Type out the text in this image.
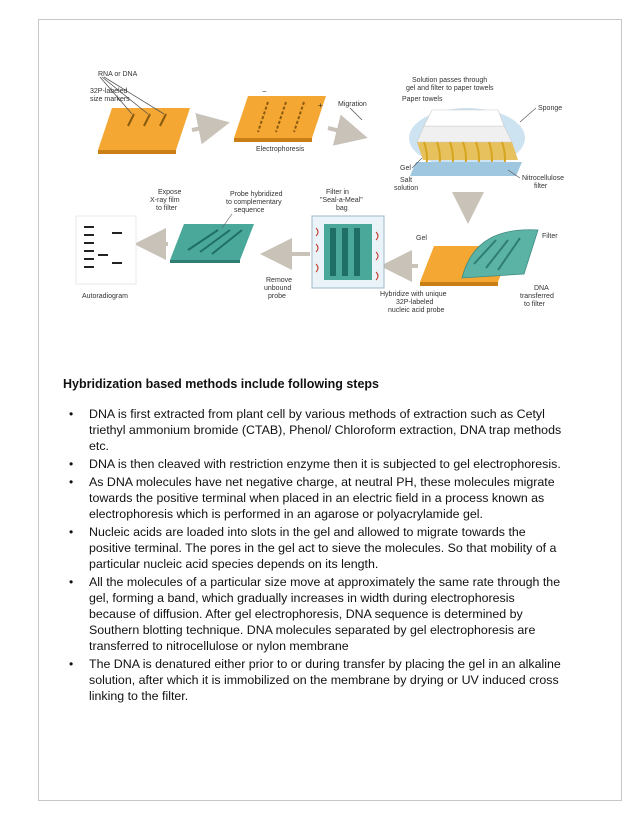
RNA or DNA
32P-labeled
size markers
−
+ Migration
Electrophoresis
Solution passes through
gel and filter to paper towels
Paper towels
Sponge
Gel
Salt
solution
Nitrocellulose
filter
Gel	Filter
DNA
transferred
to filter
Filter in
"Seal-a-Meal"
bag
Hybridize with unique
32P-labeled
nucleic acid probe
Remove
unbound
probe
Probe hybridized
to complementary
sequence
Expose
X-ray film
to filter
Autoradiogram

Hybridization based methods include following steps

• DNA is first extracted from plant cell by various methods of extraction such as Cetyl triethyl ammonium bromide (CTAB), Phenol/ Chloroform extraction, DNA trap methods etc.
• DNA is then cleaved with restriction enzyme then it is subjected to gel electrophoresis.
• As DNA molecules have net negative charge, at neutral PH, these molecules migrate towards the positive terminal when placed in an electric field in a process known as electrophoresis which is performed in an agarose or polyacrylamide gel.
• Nucleic acids are loaded into slots in the gel and allowed to migrate towards the positive terminal. The pores in the gel act to sieve the molecules. So that mobility of a particular nucleic acid species depends on its length.
• All the molecules of a particular size move at approximately the same rate through the gel, forming a band, which gradually increases in width during electrophoresis because of diffusion. After gel electrophoresis, DNA sequence is determined by Southern blotting technique. DNA molecules separated by gel electrophoresis are transferred to nitrocellulose or nylon membrane
• The DNA is denatured either prior to or during transfer by placing the gel in an alkaline solution, after which it is immobilized on the membrane by drying or UV induced cross linking to the filter.
